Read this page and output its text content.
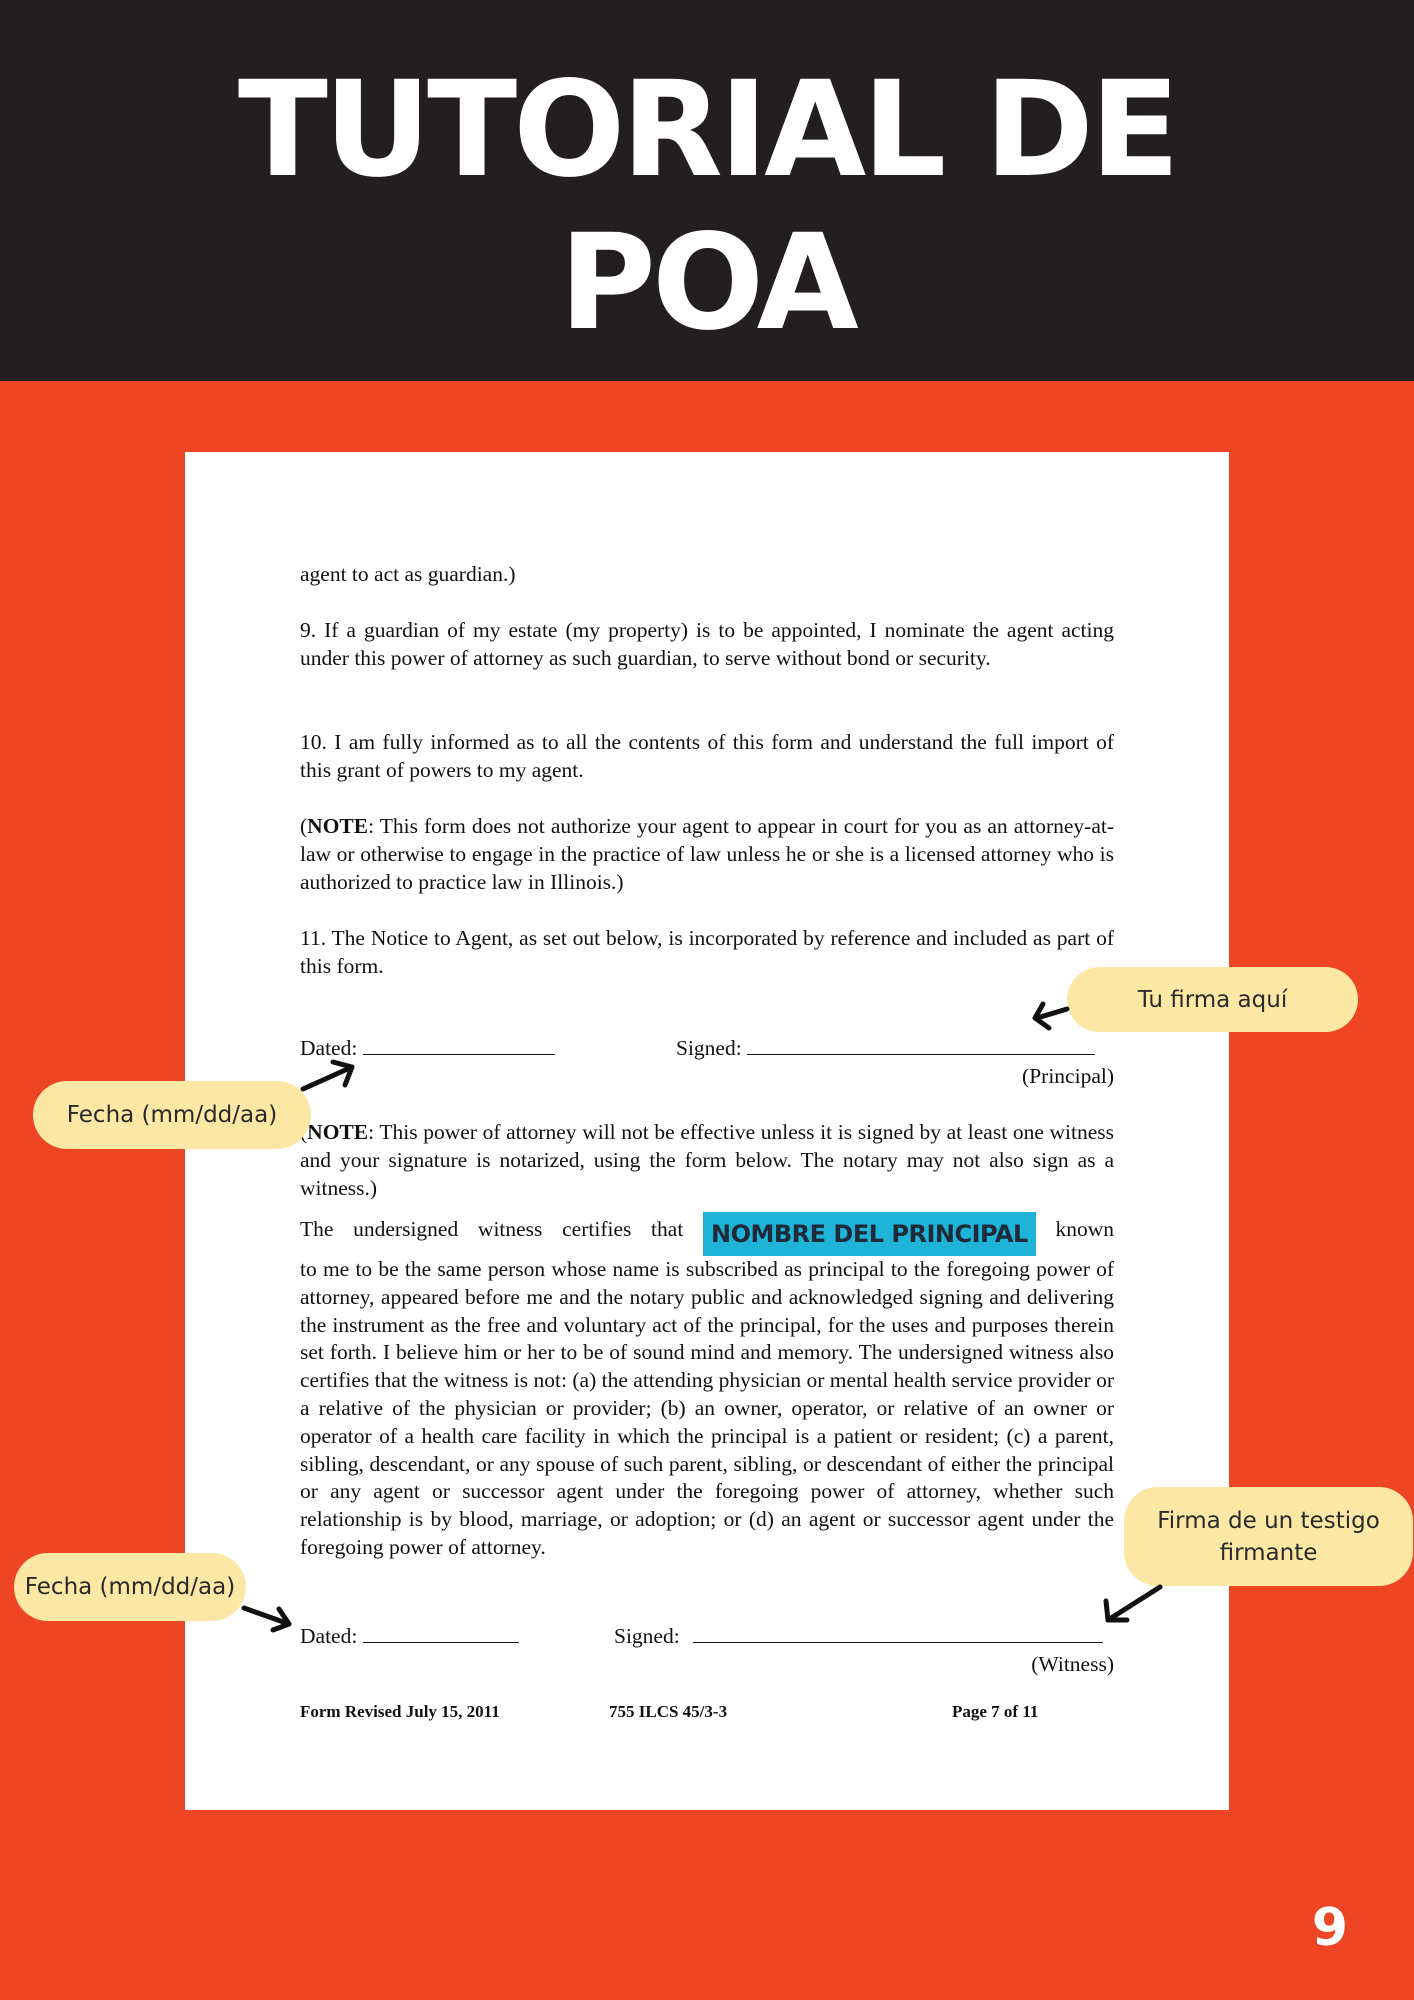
TUTORIAL DE
POA

agent to act as guardian.)

9. If a guardian of my estate (my property) is to be appointed, I nominate the agent acting under this power of attorney as such guardian, to serve without bond or security.

10. I am fully informed as to all the contents of this form and understand the full import of this grant of powers to my agent.

(NOTE: This form does not authorize your agent to appear in court for you as an attorney-at-law or otherwise to engage in the practice of law unless he or she is a licensed attorney who is authorized to practice law in Illinois.)

11. The Notice to Agent, as set out below, is incorporated by reference and included as part of this form.

Dated:	Signed:
(Principal)

NOTE: This power of attorney will not be effective unless it is signed by at least one witness and your signature is notarized, using the form below. The notary may not also sign as a witness.)

The undersigned witness certifies that NOMBRE DEL PRINCIPAL known

to me to be the same person whose name is subscribed as principal to the foregoing power of attorney, appeared before me and the notary public and acknowledged signing and delivering the instrument as the free and voluntary act of the principal, for the uses and purposes therein set forth. I believe him or her to be of sound mind and memory. The undersigned witness also certifies that the witness is not: (a) the attending physician or mental health service provider or a relative of the physician or provider; (b) an owner, operator, or relative of an owner or operator of a health care facility in which the principal is a patient or resident; (c) a parent, sibling, descendant, or any spouse of such parent, sibling, or descendant of either the principal or any agent or successor agent under the foregoing power of attorney, whether such relationship is by blood, marriage, or adoption; or (d) an agent or successor agent under the foregoing power of attorney.

Dated:	Signed:
(Witness)
Form Revised July 15, 2011	755 ILCS 45/3-3	Page 7 of 11
Tu firma aquí
Fecha (mm/dd/aa)
Firma de un testigo firmante
Fecha (mm/dd/aa)
9
